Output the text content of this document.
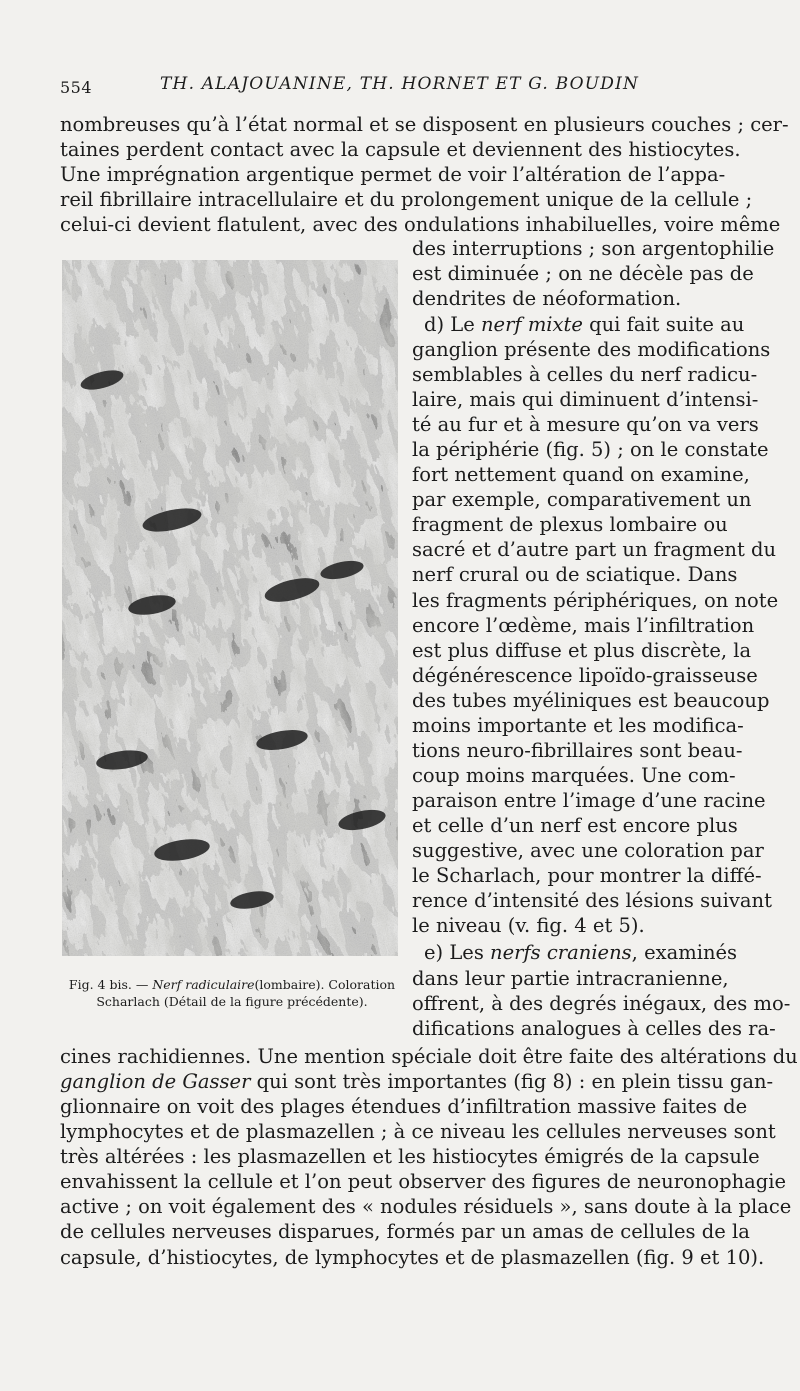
554	TH. ALAJOUANINE, TH. HORNET ET G. BOUDIN
nombreuses qu’à l’état normal et se disposent en plusieurs couches ; cer-
taines perdent contact avec la capsule et deviennent des histiocytes.
Une imprégnation argentique permet de voir l’altération de l’appa-
reil fibrillaire intracellulaire et du prolongement unique de la cellule ;
celui-ci devient flatulent, avec des ondulations inhabiluelles, voire même
des interruptions ; son argentophilie
est diminuée ; on ne décèle pas de
dendrites de néoformation.
d) Le nerf mixte qui fait suite au
ganglion présente des modifications
semblables à celles du nerf radicu-
laire, mais qui diminuent d’intensi-
té au fur et à mesure qu’on va vers
la périphérie (fig. 5) ; on le constate
fort nettement quand on examine,
par exemple, comparativement un
fragment de plexus lombaire ou
sacré et d’autre part un fragment du
nerf crural ou de sciatique. Dans
les fragments périphériques, on note
encore l’œdème, mais l’infiltration
est plus diffuse et plus discrète, la
dégénérescence lipoïdo-graisseuse
des tubes myéliniques est beaucoup
moins importante et les modifica-
tions neuro-fibrillaires sont beau-
coup moins marquées. Une com-
paraison entre l’image d’une racine
et celle d’un nerf est encore plus
suggestive, avec une coloration par
le Scharlach, pour montrer la diffé-
rence d’intensité des lésions suivant
le niveau (v. fig. 4 et 5).
e) Les nerfs craniens, examinés
dans leur partie intracranienne,
offrent, à des degrés inégaux, des mo-
difications analogues à celles des ra-
cines rachidiennes. Une mention spéciale doit être faite des altérations du
ganglion de Gasser qui sont très importantes (fig 8) : en plein tissu gan-
glionnaire on voit des plages étendues d’infiltration massive faites de
lymphocytes et de plasmazellen ; à ce niveau les cellules nerveuses sont
très altérées : les plasmazellen et les histiocytes émigrés de la capsule
envahissent la cellule et l’on peut observer des figures de neuronophagie
active ; on voit également des « nodules résiduels », sans doute à la place
de cellules nerveuses disparues, formés par un amas de cellules de la
capsule, d’histiocytes, de lymphocytes et de plasmazellen (fig. 9 et 10).
Fig. 4 bis. — Nerf radiculaire(lombaire). Coloration
Scharlach (Détail de la figure précédente).
